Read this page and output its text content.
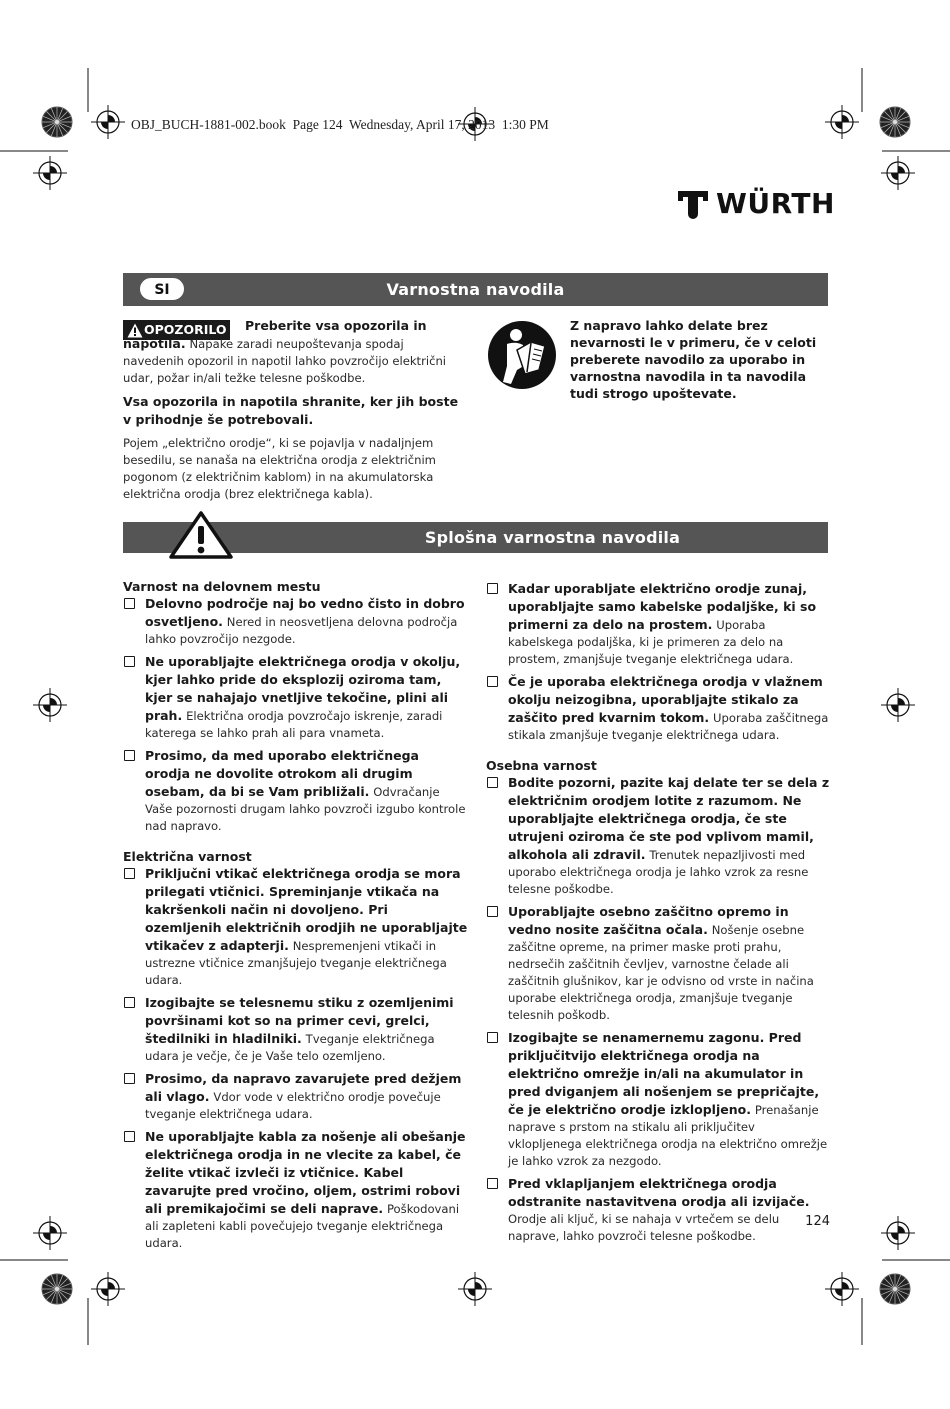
OBJ_BUCH-1881-002.book  Page 124  Wednesday, April 17, 2013  1:30 PM
WÜRTH
SI	Varnostna navodila
OPOZORILO	Preberite vsa opozorila in napotila. Napake zaradi neupoštevanja spodaj navedenih opozoril in napotil lahko povzročijo električni udar, požar in/ali težke telesne poškodbe.

Vsa opozorila in napotila shranite, ker jih boste v prihodnje še potrebovali.

Pojem „električno orodje“, ki se pojavlja v nadaljnjem besedilu, se nanaša na električna orodja z električnim pogonom (z električnim kablom) in na akumulatorska električna orodja (brez električnega kabla).

Z napravo lahko delate brez nevarnosti le v primeru, če v celoti preberete navodilo za uporabo in varnostna navodila in ta navodila tudi strogo upoštevate.
Splošna varnostna navodila

Varnost na delovnem mestu

Delovno področje naj bo vedno čisto in dobro osvetljeno. Nered in neosvetljena delovna področja lahko povzročijo nezgode.

Ne uporabljajte električnega orodja v okolju, kjer lahko pride do eksplozij oziroma tam, kjer se nahajajo vnetljive tekočine, plini ali prah. Električna orodja povzročajo iskrenje, zaradi katerega se lahko prah ali para vnameta.

Prosimo, da med uporabo električnega orodja ne dovolite otrokom ali drugim osebam, da bi se Vam približali. Odvračanje Vaše pozornosti drugam lahko povzroči izgubo kontrole nad napravo.

Električna varnost

Priključni vtikač električnega orodja se mora prilegati vtičnici. Spreminjanje vtikača na kakršenkoli način ni dovoljeno. Pri ozemljenih električnih orodjih ne uporabljajte vtikačev z adapterji. Nespremenjeni vtikači in ustrezne vtičnice zmanjšujejo tveganje električnega udara.

Izogibajte se telesnemu stiku z ozemljenimi površinami kot so na primer cevi, grelci, štedilniki in hladilniki. Tveganje električnega udara je večje, če je Vaše telo ozemljeno.

Prosimo, da napravo zavarujete pred dežjem ali vlago. Vdor vode v električno orodje povečuje tveganje električnega udara.

Ne uporabljajte kabla za nošenje ali obešanje električnega orodja in ne vlecite za kabel, če želite vtikač izvleči iz vtičnice. Kabel zavarujte pred vročino, oljem, ostrimi robovi ali premikajočimi se deli naprave. Poškodovani ali zapleteni kabli povečujejo tveganje električnega udara.

Kadar uporabljate električno orodje zunaj, uporabljajte samo kabelske podaljške, ki so primerni za delo na prostem. Uporaba kabelskega podaljška, ki je primeren za delo na prostem, zmanjšuje tveganje električnega udara.

Če je uporaba električnega orodja v vlažnem okolju neizogibna, uporabljajte stikalo za zaščito pred kvarnim tokom. Uporaba zaščitnega stikala zmanjšuje tveganje električnega udara.

Osebna varnost

Bodite pozorni, pazite kaj delate ter se dela z električnim orodjem lotite z razumom. Ne uporabljajte električnega orodja, če ste utrujeni oziroma če ste pod vplivom mamil, alkohola ali zdravil. Trenutek nepazljivosti med uporabo električnega orodja je lahko vzrok za resne telesne poškodbe.

Uporabljajte osebno zaščitno opremo in vedno nosite zaščitna očala. Nošenje osebne zaščitne opreme, na primer maske proti prahu, nedrsečih zaščitnih čevljev, varnostne čelade ali zaščitnih glušnikov, kar je odvisno od vrste in načina uporabe električnega orodja, zmanjšuje tveganje telesnih poškodb.

Izogibajte se nenamernemu zagonu. Pred priključitvijo električnega orodja na električno omrežje in/ali na akumulator in pred dviganjem ali nošenjem se prepričajte, če je električno orodje izklopljeno. Prenašanje naprave s prstom na stikalu ali priključitev vklopljenega električnega orodja na električno omrežje je lahko vzrok za nezgodo.

Pred vklapljanjem električnega orodja odstranite nastavitvena orodja ali izvijače. Orodje ali ključ, ki se nahaja v vrtečem se delu naprave, lahko povzroči telesne poškodbe.

124
